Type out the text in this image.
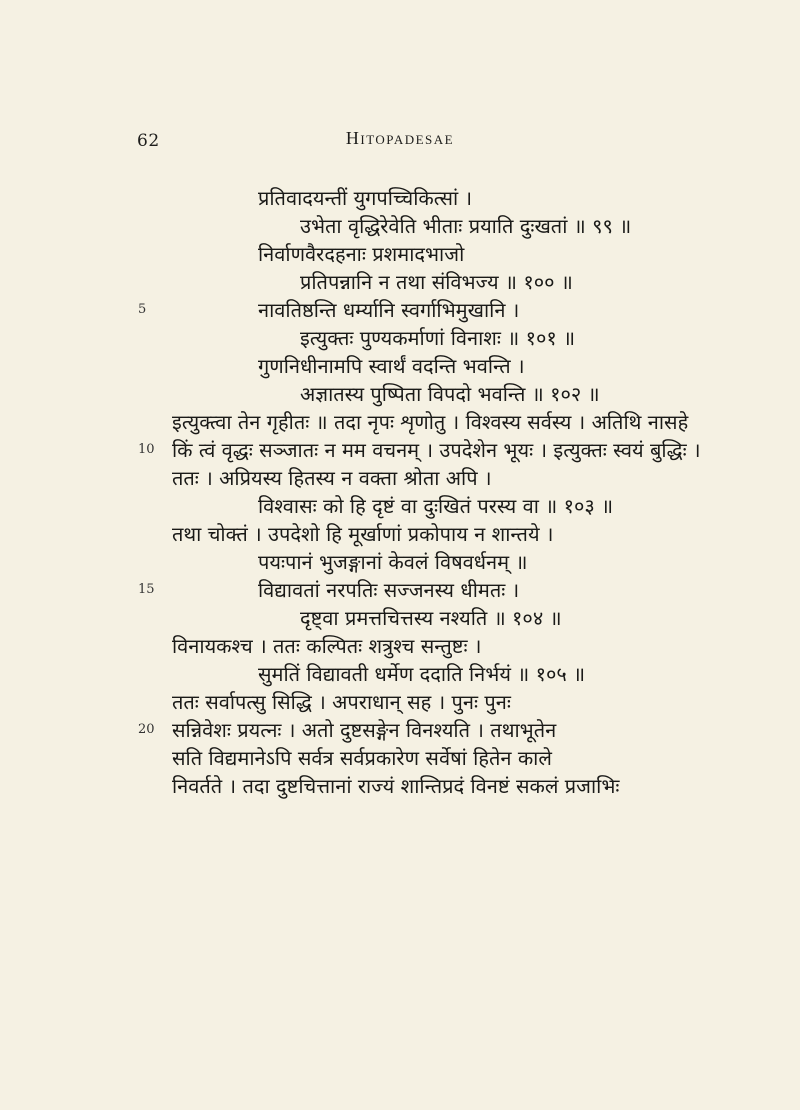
62	Hitopadesae
प्रतिवादयन्तीं युगपच्चिकित्सां ।
उभेता वृद्धिरेवेति भीताः प्रयाति दुःखतां ॥ ९९ ॥
निर्वाणवैरदहनाः प्रशमादभाजो
प्रतिपन्नानि न तथा संविभज्य ॥ १०० ॥
5	नावतिष्ठन्ति धर्म्यानि स्वर्गाभिमुखानि ।
इत्युक्तः पुण्यकर्माणां विनाशः ॥ १०१ ॥
गुणनिधीनामपि स्वार्थं वदन्ति भवन्ति ।
अज्ञातस्य पुष्पिता विपदो भवन्ति ॥ १०२ ॥
इत्युक्त्वा तेन गृहीतः ॥ तदा नृपः शृणोतु । विश्वस्य सर्वस्य । अतिथि नासहे
10 किं त्वं वृद्धः सञ्जातः न मम वचनम् । उपदेशेन भूयः । इत्युक्तः स्वयं बुद्धिः ।
ततः । अप्रियस्य हितस्य न वक्ता श्रोता अपि ।
विश्वासः को हि दृष्टं वा दुःखितं परस्य वा ॥ १०३ ॥
तथा चोक्तं । उपदेशो हि मूर्खाणां प्रकोपाय न शान्तये ।
पयःपानं भुजङ्गानां केवलं विषवर्धनम् ॥
15	विद्यावतां नरपतिः सज्जनस्य धीमतः ।
दृष्ट्वा प्रमत्तचित्तस्य नश्यति ॥ १०४ ॥
विनायकश्च । ततः कल्पितः शत्रुश्च सन्तुष्टः ।
सुमतिं विद्यावती धर्मेण ददाति निर्भयं ॥ १०५ ॥
ततः सर्वापत्सु सिद्धि । अपराधान् सह । पुनः पुनः
20 सन्निवेशः प्रयत्नः । अतो दुष्टसङ्गेन विनश्यति । तथाभूतेन
सति विद्यमानेऽपि सर्वत्र सर्वप्रकारेण सर्वेषां हितेन काले
निवर्तते । तदा दुष्टचित्तानां राज्यं शान्तिप्रदं विनष्टं सकलं प्रजाभिः
